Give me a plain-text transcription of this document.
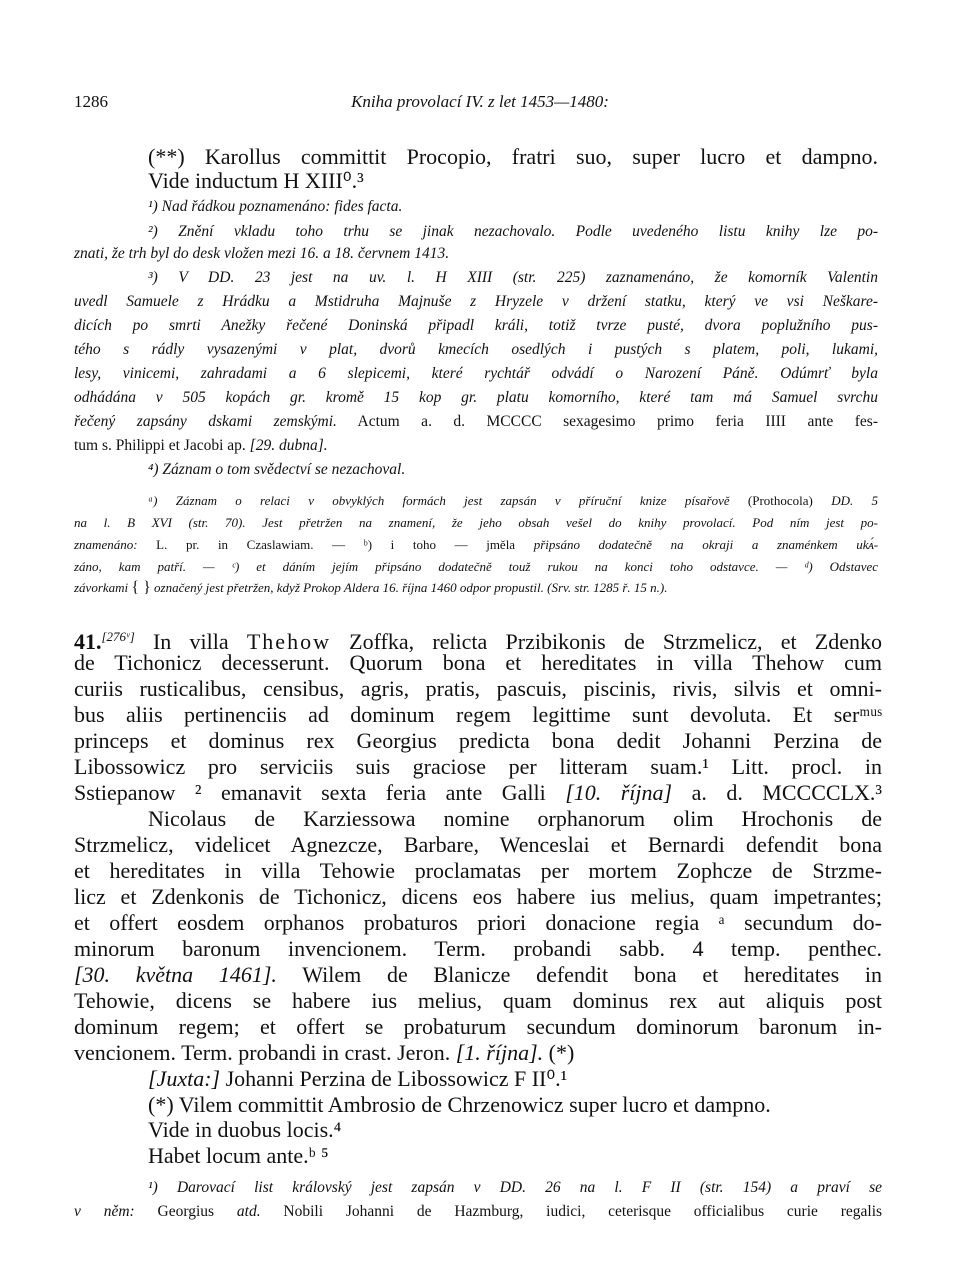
1286	Kniha provolací IV. z let 1453—1480:
(**) Karollus committit Procopio, fratri suo, super lucro et dampno.
Vide inductum H XIII⁰.³
¹) Nad řádkou poznamenáno: fides facta.
²) Znění vkladu toho trhu se jinak nezachovalo. Podle uvedeného listu knihy lze po-
znati, že trh byl do desk vložen mezi 16. a 18. červnem 1413.
³) V DD. 23 jest na uv. l. H XIII (str. 225) zaznamenáno, že komorník Valentin
uvedl Samuele z Hrádku a Mstidruha Majnuše z Hryzele v držení statku, který ve vsi Neškare-
dicích po smrti Anežky řečené Doninská připadl králi, totiž tvrze pusté, dvora poplužního pus-
tého s rádly vysazenými v plat, dvorů kmecích osedlých i pustých s platem, poli, lukami,
lesy, vinicemi, zahradami a 6 slepicemi, které rychtář odvádí o Narození Páně. Odúmrť byla
odhádána v 505 kopách gr. kromě 15 kop gr. platu komorního, které tam má Samuel svrchu
řečený zapsány dskami zemskými. Actum a. d. MCCCC sexagesimo primo feria IIII ante fes-
tum s. Philippi et Jacobi ap. [29. dubna].
⁴) Záznam o tom svědectví se nezachoval.
ᵃ) Záznam o relaci v obvyklých formách jest zapsán v příruční knize písařově (Prothocola) DD. 5
na l. B XVI (str. 70). Jest přetržen na znamení, že jeho obsah vešel do knihy provolací. Pod ním jest po-
znamenáno: L. pr. in Czaslawiam. — ᵇ) i toho — jměla připsáno dodatečně na okraji a znaménkem ukᴀ́-
záno, kam patří. — ᶜ) et dáním jejím připsáno dodatečně touž rukou na konci toho odstavce. — ᵈ) Odstavec
závorkami { } označený jest přetržen, když Prokop Aldera 16. října 1460 odpor propustil. (Srv. str. 1285 ř. 15 n.).
41.[276ᵛ] In villa Thehow Zoffka, relicta Przibikonis de Strzmelicz, et Zdenko
de Tichonicz decesserunt. Quorum bona et hereditates in villa Thehow cum
curiis rusticalibus, censibus, agris, pratis, pascuis, piscinis, rivis, silvis et omni-
bus aliis pertinenciis ad dominum regem legittime sunt devoluta. Et serᵐᵘˢ
princeps et dominus rex Georgius predicta bona dedit Johanni Perzina de
Libossowicz pro serviciis suis graciose per litteram suam.¹ Litt. procl. in
Sstiepanow ² emanavit sexta feria ante Galli [10. října] a. d. MCCCCLX.³
Nicolaus de Karziessowa nomine orphanorum olim Hrochonis de
Strzmelicz, videlicet Agnezcze, Barbare, Wenceslai et Bernardi defendit bona
et hereditates in villa Tehowie proclamatas per mortem Zophcze de Strzme-
licz et Zdenkonis de Tichonicz, dicens eos habere ius melius, quam impetrantes;
et offert eosdem orphanos probaturos priori donacione regia ᵃ secundum do-
minorum baronum invencionem. Term. probandi sabb. 4 temp. penthec.
[30. května 1461]. Wilem de Blanicze defendit bona et hereditates in
Tehowie, dicens se habere ius melius, quam dominus rex aut aliquis post
dominum regem; et offert se probaturum secundum dominorum baronum in-
vencionem. Term. probandi in crast. Jeron. [1. října]. (*)
[Juxta:] Johanni Perzina de Libossowicz F II⁰.¹
(*) Vilem committit Ambrosio de Chrzenowicz super lucro et dampno.
Vide in duobus locis.⁴
Habet locum ante.ᵇ ⁵
¹) Darovací list královský jest zapsán v DD. 26 na l. F II (str. 154) a praví se
v něm: Georgius atd. Nobili Johanni de Hazmburg, iudici, ceterisque officialibus curie regalis
